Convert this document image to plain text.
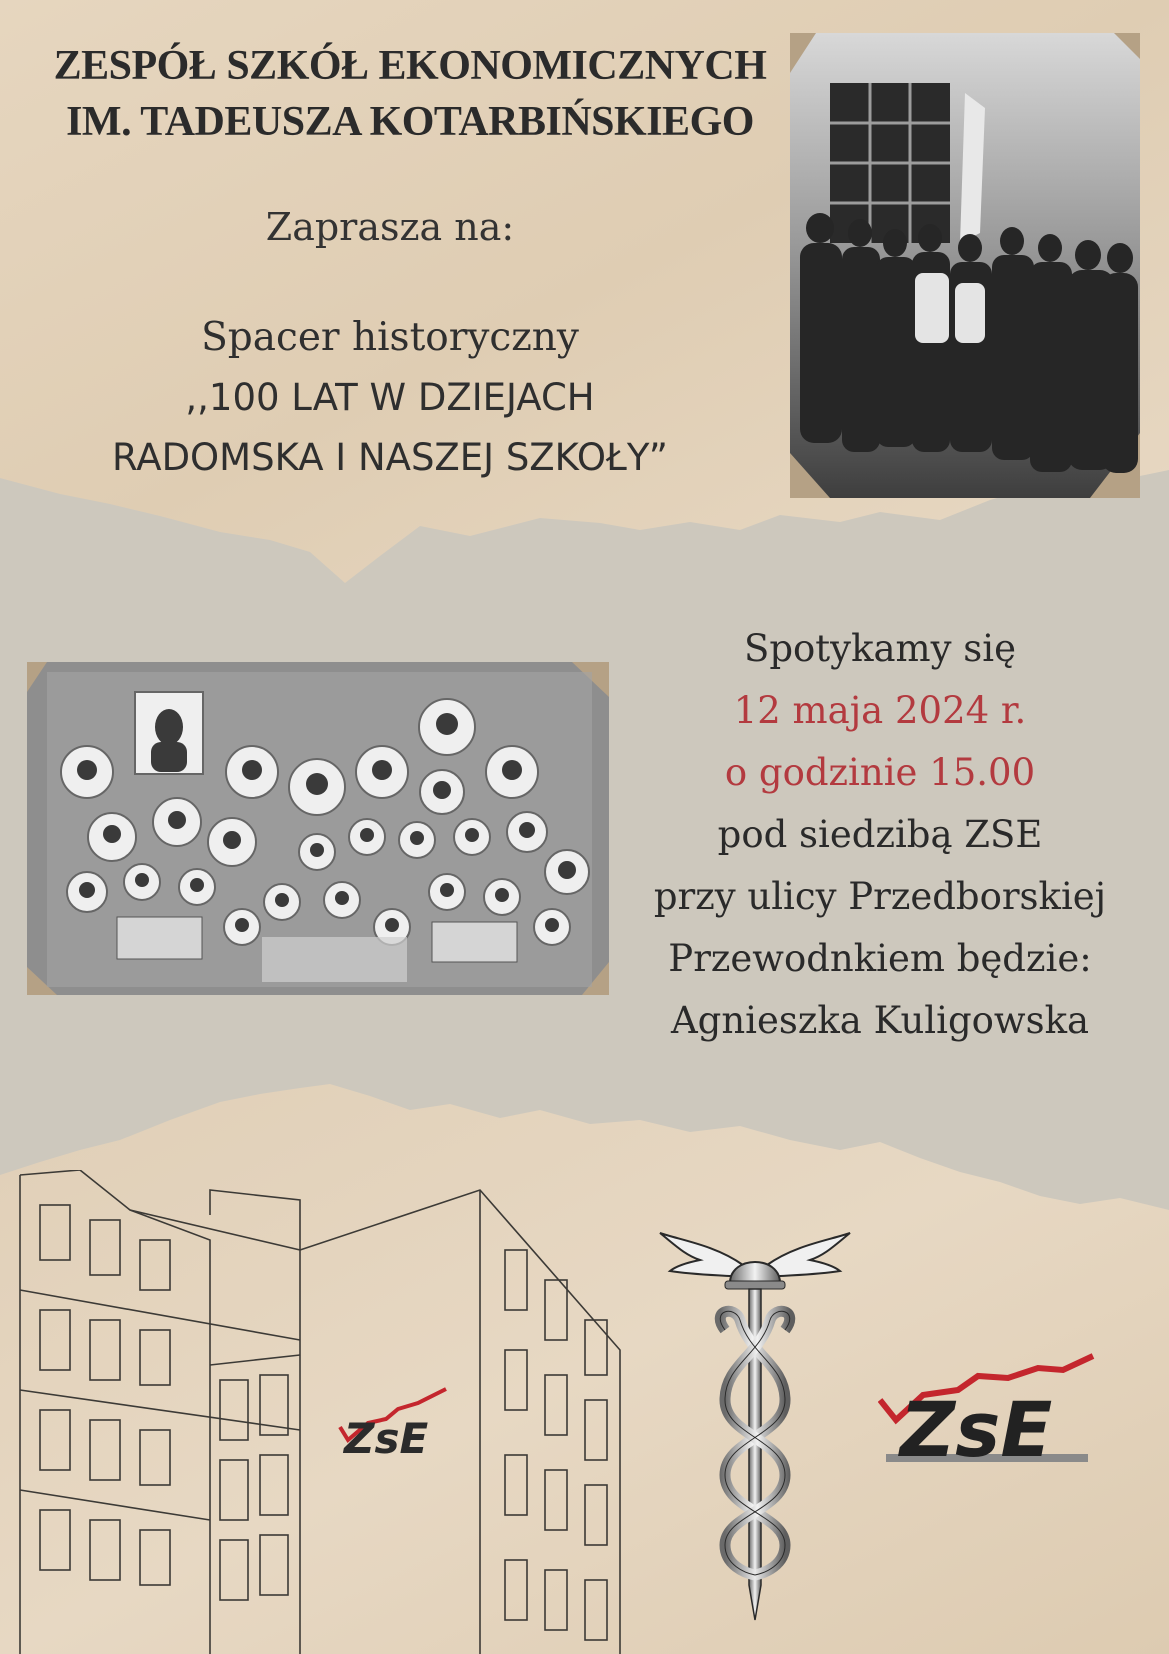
ZESPÓŁ SZKÓŁ EKONOMICZNYCH
IM. TADEUSZA KOTARBIŃSKIEGO
Zaprasza na:
Spacer historyczny
,,100 LAT W DZIEJACH
RADOMSKA I NASZEJ SZKOŁY”
Spotykamy się
12 maja 2024 r.
o godzinie 15.00
pod siedzibą ZSE
przy ulicy Przedborskiej
Przewodnkiem będzie:
Agnieszka Kuligowska
ZsE	ZsE
